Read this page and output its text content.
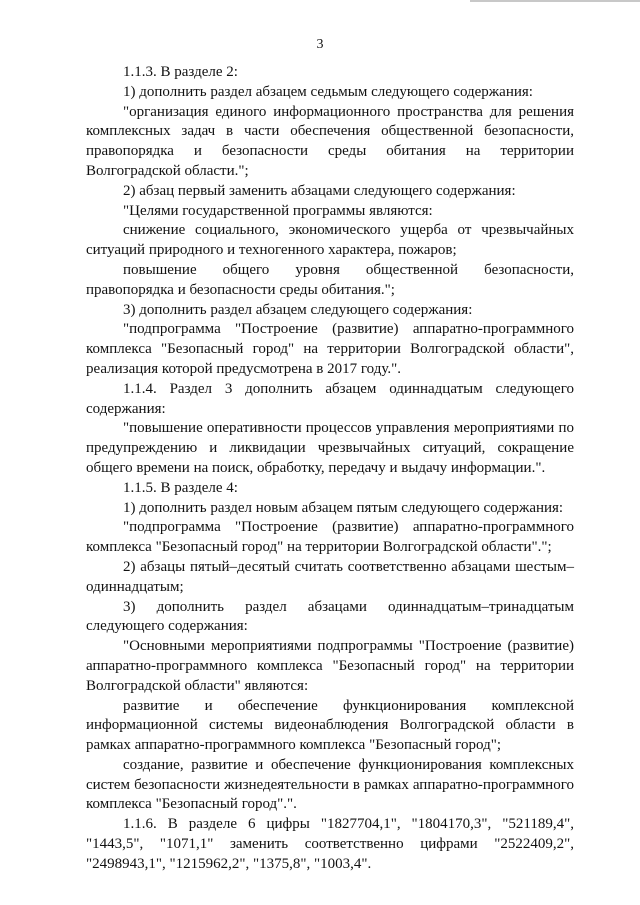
3

1.1.3. В разделе 2:

1) дополнить раздел абзацем седьмым следующего содержания:

"организация единого информационного пространства для решения комплексных задач в части обеспечения общественной безопасности, правопорядка и безопасности среды обитания на территории Волгоградской области.";

2) абзац первый заменить абзацами следующего содержания:

"Целями государственной программы являются:

снижение социального, экономического ущерба от чрезвычайных ситуаций природного и техногенного характера, пожаров;

повышение общего уровня общественной безопасности, правопорядка и безопасности среды обитания.";

3) дополнить раздел абзацем следующего содержания:

"подпрограмма "Построение (развитие) аппаратно-программного комплекса "Безопасный город" на территории Волгоградской области", реализация которой предусмотрена в 2017 году.".

1.1.4. Раздел 3 дополнить абзацем одиннадцатым следующего содержания:

"повышение оперативности процессов управления мероприятиями по предупреждению и ликвидации чрезвычайных ситуаций, сокращение общего времени на поиск, обработку, передачу и выдачу информации.".

1.1.5. В разделе 4:

1) дополнить раздел новым абзацем пятым следующего содержания:

"подпрограмма "Построение (развитие) аппаратно-программного комплекса "Безопасный город" на территории Волгоградской области".";

2) абзацы пятый–десятый считать соответственно абзацами шестым–одиннадцатым;

3) дополнить раздел абзацами одиннадцатым–тринадцатым следующего содержания:

"Основными мероприятиями подпрограммы "Построение (развитие) аппаратно-программного комплекса "Безопасный город" на территории Волгоградской области" являются:

развитие и обеспечение функционирования комплексной информационной системы видеонаблюдения Волгоградской области в рамках аппаратно-программного комплекса "Безопасный город";

создание, развитие и обеспечение функционирования комплексных систем безопасности жизнедеятельности в рамках аппаратно-программного комплекса "Безопасный город".".

1.1.6. В разделе 6 цифры "1827704,1", "1804170,3", "521189,4", "1443,5", "1071,1" заменить соответственно цифрами "2522409,2", "2498943,1", "1215962,2", "1375,8", "1003,4".
